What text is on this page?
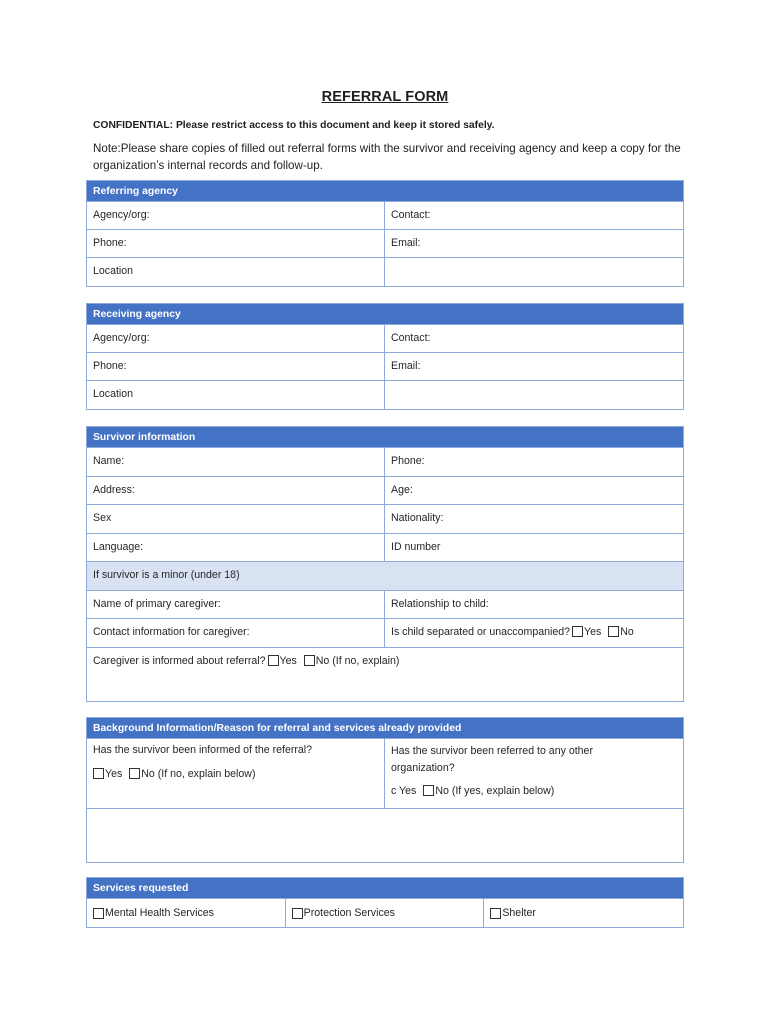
REFERRAL FORM
CONFIDENTIAL: Please restrict access to this document and keep it stored safely.
Note:Please share copies of filled out referral forms with the survivor and receiving agency and keep a copy for the organization’s internal records and follow-up.
Referring agency
Agency/org:	Contact:
Phone:	Email:
Location
Receiving agency
Agency/org:	Contact:
Phone:	Email:
Location
Survivor information
Name:	Phone:
Address:	Age:
Sex	Nationality:
Language:	ID number
If survivor is a minor (under 18)
Name of primary caregiver:	Relationship to child:
Contact information for caregiver:	Is child separated or unaccompanied? Yes No
Caregiver is informed about referral? Yes No (If no, explain)
Background Information/Reason for referral and services already provided
Has the survivor been informed of the referral?
Yes No (If no, explain below)
Has the survivor been referred to any other organization?
c Yes No (If yes, explain below)
Services requested
Mental Health Services	Protection Services	Shelter
